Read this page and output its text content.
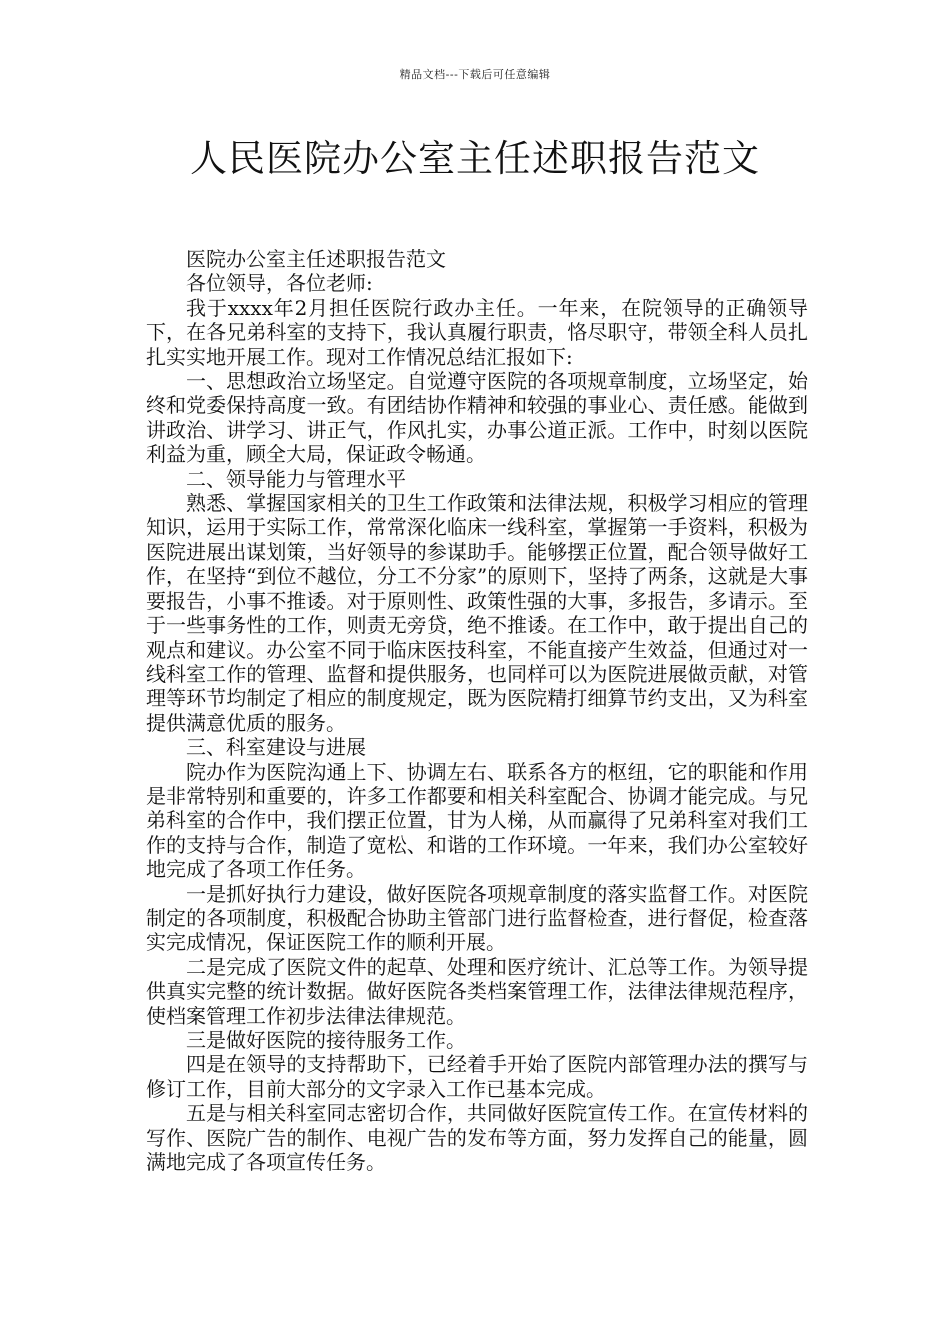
精品文档---下载后可任意编辑
人民医院办公室主任述职报告范文

医院办公室主任述职报告范文

各位领导，各位老师:

我于xxxx年2月担任医院行政办主任。一年来，在院领导的正确领导下，在各兄弟科室的支持下，我认真履行职责，恪尽职守，带领全科人员扎扎实实地开展工作。现对工作情况总结汇报如下:

一、思想政治立场坚定。自觉遵守医院的各项规章制度，立场坚定，始终和党委保持高度一致。有团结协作精神和较强的事业心、责任感。能做到讲政治、讲学习、讲正气，作风扎实，办事公道正派。工作中，时刻以医院利益为重，顾全大局，保证政令畅通。

二、领导能力与管理水平

熟悉、掌握国家相关的卫生工作政策和法律法规，积极学习相应的管理知识，运用于实际工作，常常深化临床一线科室，掌握第一手资料，积极为医院进展出谋划策，当好领导的参谋助手。能够摆正位置，配合领导做好工作，在坚持“到位不越位，分工不分家”的原则下，坚持了两条，这就是大事要报告，小事不推诿。对于原则性、政策性强的大事，多报告，多请示。至于一些事务性的工作，则责无旁贷，绝不推诿。在工作中，敢于提出自己的观点和建议。办公室不同于临床医技科室，不能直接产生效益，但通过对一线科室工作的管理、监督和提供服务，也同样可以为医院进展做贡献，对管理等环节均制定了相应的制度规定，既为医院精打细算节约支出，又为科室提供满意优质的服务。

三、科室建设与进展

院办作为医院沟通上下、协调左右、联系各方的枢纽，它的职能和作用是非常特别和重要的，许多工作都要和相关科室配合、协调才能完成。与兄弟科室的合作中，我们摆正位置，甘为人梯，从而赢得了兄弟科室对我们工作的支持与合作，制造了宽松、和谐的工作环境。一年来，我们办公室较好地完成了各项工作任务。

一是抓好执行力建设，做好医院各项规章制度的落实监督工作。对医院制定的各项制度，积极配合协助主管部门进行监督检查，进行督促，检查落实完成情况，保证医院工作的顺利开展。

二是完成了医院文件的起草、处理和医疗统计、汇总等工作。为领导提供真实完整的统计数据。做好医院各类档案管理工作，法律法律规范程序，使档案管理工作初步法律法律规范。

三是做好医院的接待服务工作。

四是在领导的支持帮助下，已经着手开始了医院内部管理办法的撰写与修订工作，目前大部分的文字录入工作已基本完成。

五是与相关科室同志密切合作，共同做好医院宣传工作。在宣传材料的写作、医院广告的制作、电视广告的发布等方面，努力发挥自己的能量，圆满地完成了各项宣传任务。
